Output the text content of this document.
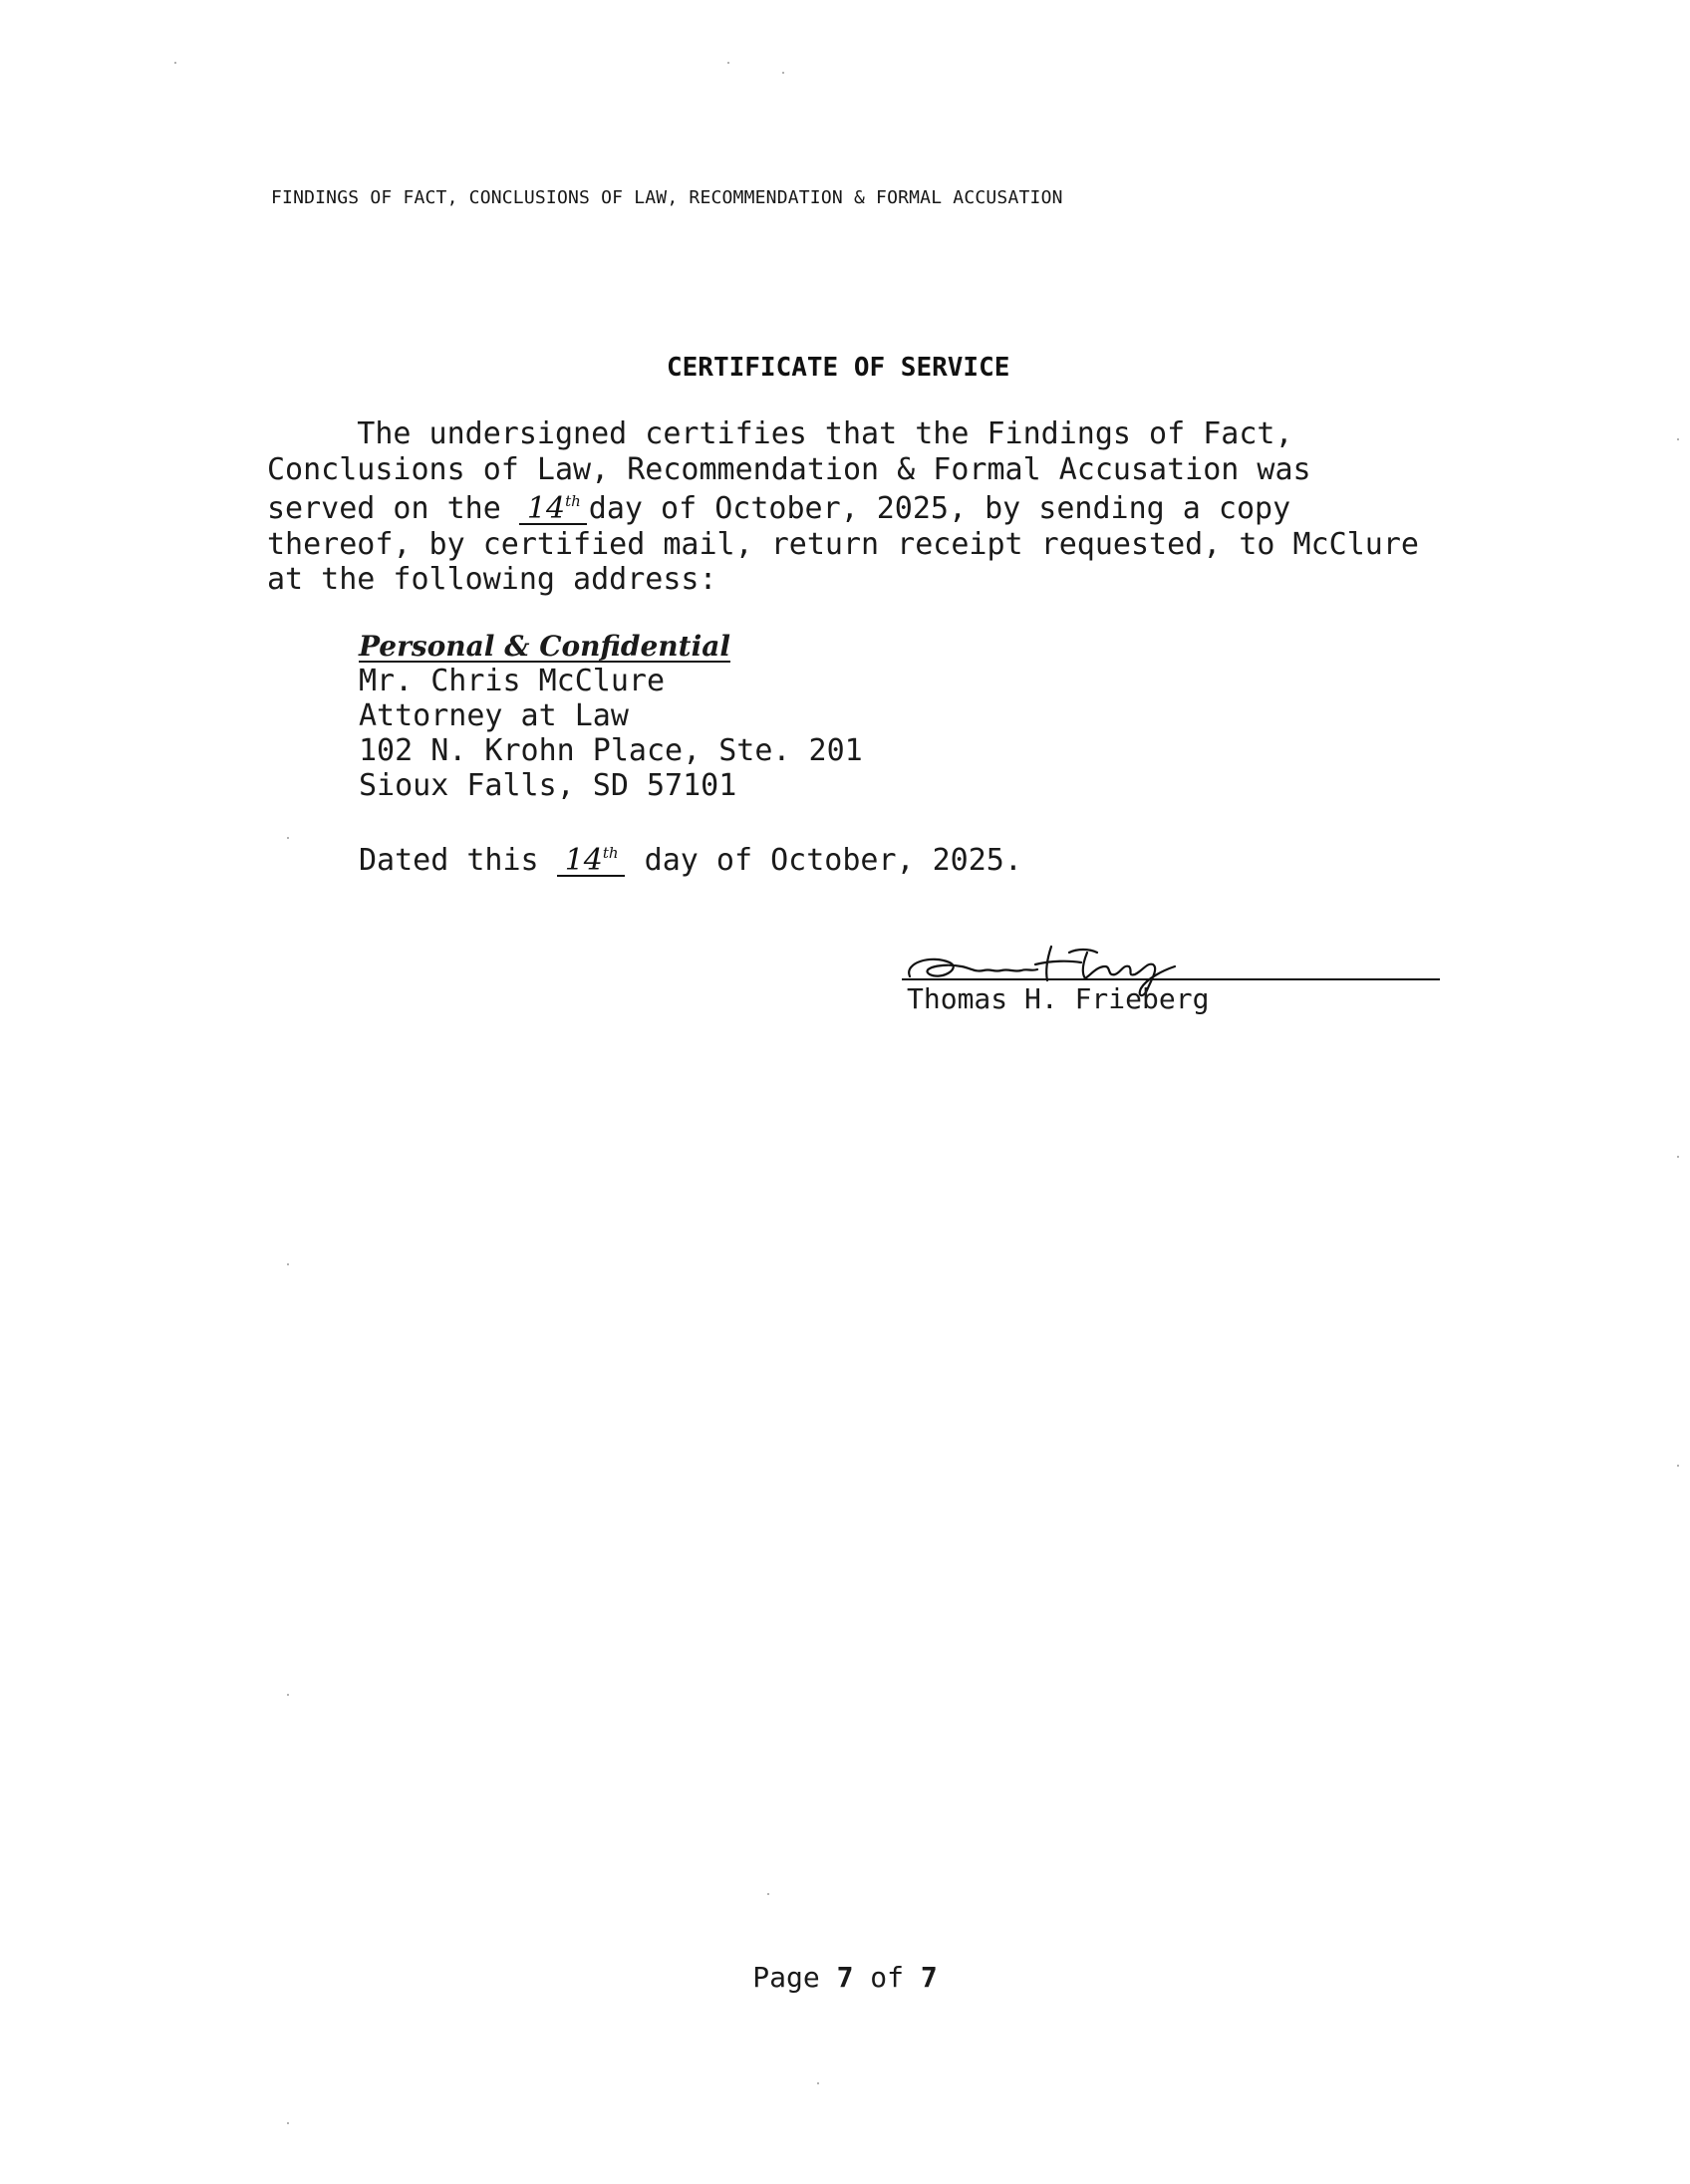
FINDINGS OF FACT, CONCLUSIONS OF LAW, RECOMMENDATION & FORMAL ACCUSATION
CERTIFICATE OF SERVICE
The undersigned certifies that the Findings of Fact,
Conclusions of Law, Recommendation & Formal Accusation was
served on the 14th day of October, 2025, by sending a copy
thereof, by certified mail, return receipt requested, to McClure
at the following address:
Personal & Confidential
Mr. Chris McClure
Attorney at Law
102 N. Krohn Place, Ste. 201
Sioux Falls, SD 57101
Dated this 14th day of October, 2025.
Thomas H. Frieberg
Page 7 of 7
